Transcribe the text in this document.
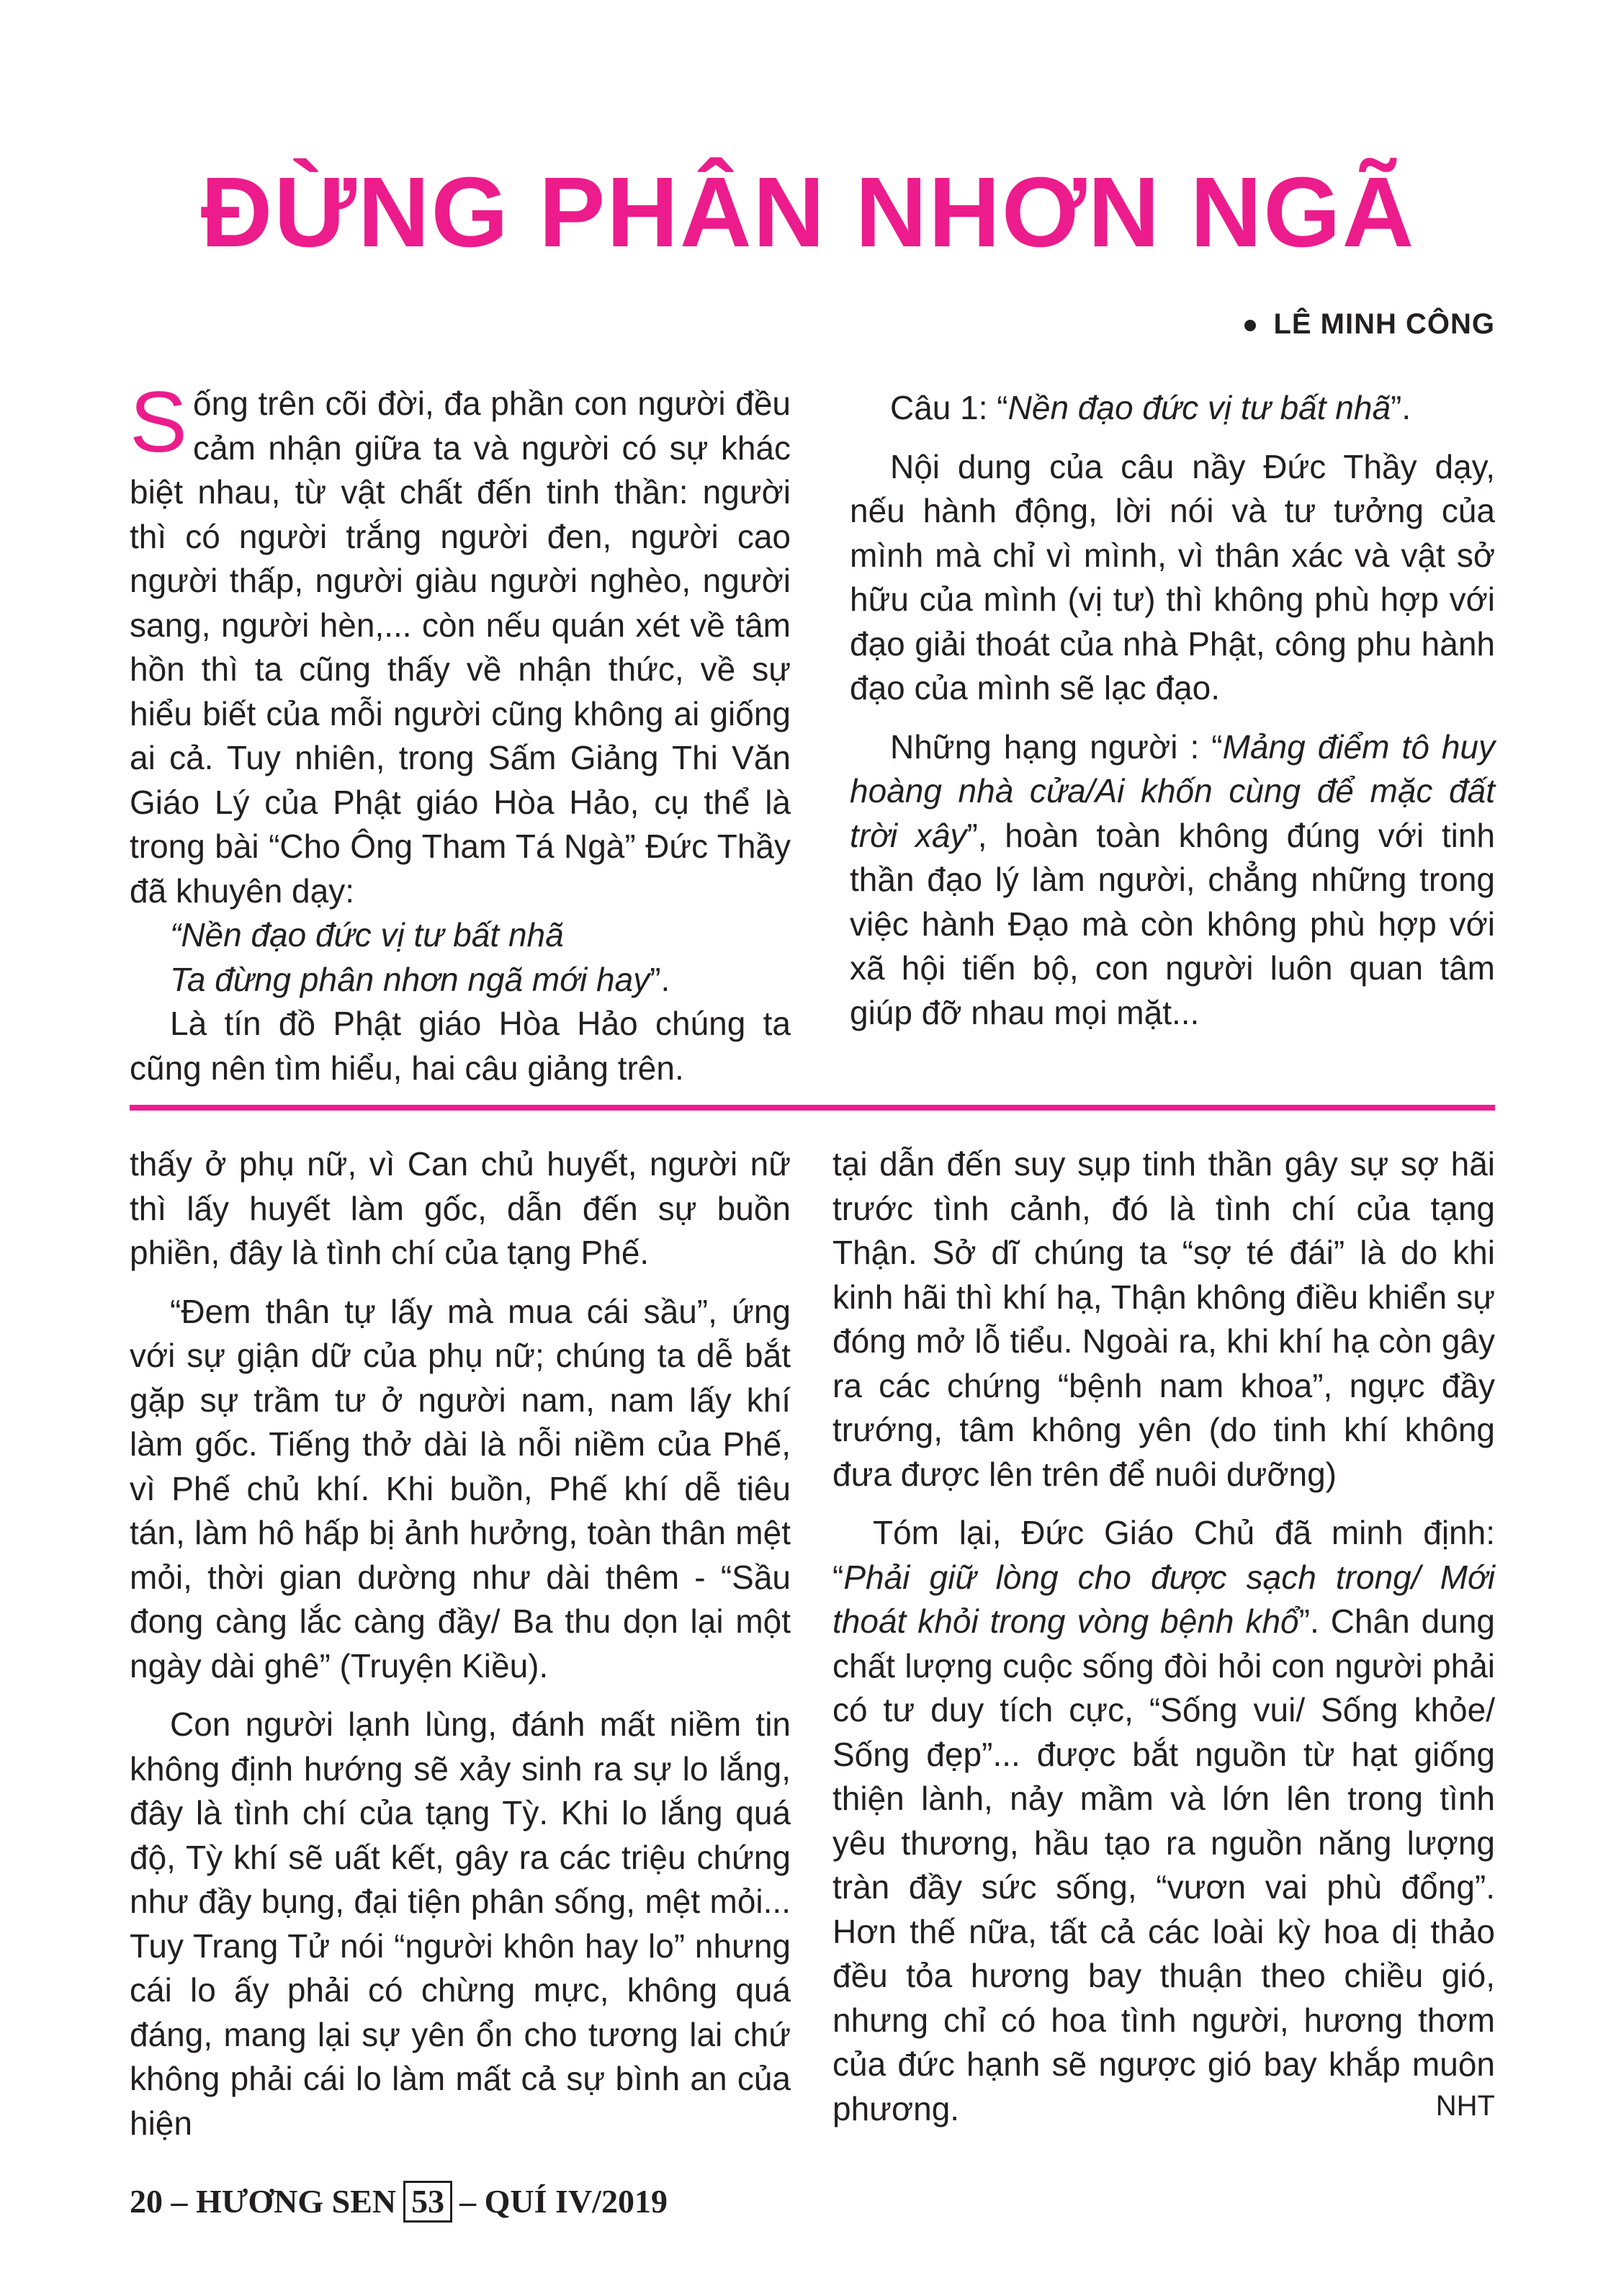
ĐỪNG PHÂN NHƠN NGÃ
LÊ MINH CÔNG

Sống trên cõi đời, đa phần con người đều cảm nhận giữa ta và người có sự khác biệt nhau, từ vật chất đến tinh thần: người thì có người trắng người đen, người cao người thấp, người giàu người nghèo, người sang, người hèn,... còn nếu quán xét về tâm hồn thì ta cũng thấy về nhận thức, về sự hiểu biết của mỗi người cũng không ai giống ai cả. Tuy nhiên, trong Sấm Giảng Thi Văn Giáo Lý của Phật giáo Hòa Hảo, cụ thể là trong bài “Cho Ông Tham Tá Ngà” Đức Thầy đã khuyên dạy:

“Nền đạo đức vị tư bất nhã

Ta đừng phân nhơn ngã mới hay”.

Là tín đồ Phật giáo Hòa Hảo chúng ta cũng nên tìm hiểu, hai câu giảng trên.

Câu 1: “Nền đạo đức vị tư bất nhã”.

Nội dung của câu nầy Đức Thầy dạy, nếu hành động, lời nói và tư tưởng của mình mà chỉ vì mình, vì thân xác và vật sở hữu của mình (vị tư) thì không phù hợp với đạo giải thoát của nhà Phật, công phu hành đạo của mình sẽ lạc đạo.

Những hạng người : “Mảng điểm tô huy hoàng nhà cửa/Ai khốn cùng để mặc đất trời xây”, hoàn toàn không đúng với tinh thần đạo lý làm người, chẳng những trong việc hành Đạo mà còn không phù hợp với xã hội tiến bộ, con người luôn quan tâm giúp đỡ nhau mọi mặt...

thấy ở phụ nữ, vì Can chủ huyết, người nữ thì lấy huyết làm gốc, dẫn đến sự buồn phiền, đây là tình chí của tạng Phế.

“Đem thân tự lấy mà mua cái sầu”, ứng với sự giận dữ của phụ nữ; chúng ta dễ bắt gặp sự trầm tư ở người nam, nam lấy khí làm gốc. Tiếng thở dài là nỗi niềm của Phế, vì Phế chủ khí. Khi buồn, Phế khí dễ tiêu tán, làm hô hấp bị ảnh hưởng, toàn thân mệt mỏi, thời gian dường như dài thêm - “Sầu đong càng lắc càng đầy/ Ba thu dọn lại một ngày dài ghê” (Truyện Kiều).

Con người lạnh lùng, đánh mất niềm tin không định hướng sẽ xảy sinh ra sự lo lắng, đây là tình chí của tạng Tỳ. Khi lo lắng quá độ, Tỳ khí sẽ uất kết, gây ra các triệu chứng như đầy bụng, đại tiện phân sống, mệt mỏi... Tuy Trang Tử nói “người khôn hay lo” nhưng cái lo ấy phải có chừng mực, không quá đáng, mang lại sự yên ổn cho tương lai chứ không phải cái lo làm mất cả sự bình an của hiện

tại dẫn đến suy sụp tinh thần gây sự sợ hãi trước tình cảnh, đó là tình chí của tạng Thận. Sở dĩ chúng ta “sợ té đái” là do khi kinh hãi thì khí hạ, Thận không điều khiển sự đóng mở lỗ tiểu. Ngoài ra, khi khí hạ còn gây ra các chứng “bệnh nam khoa”, ngực đầy trướng, tâm không yên (do tinh khí không đưa được lên trên để nuôi dưỡng)

Tóm lại, Đức Giáo Chủ đã minh định: “Phải giữ lòng cho được sạch trong/ Mới thoát khỏi trong vòng bệnh khổ”. Chân dung chất lượng cuộc sống đòi hỏi con người phải có tư duy tích cực, “Sống vui/ Sống khỏe/ Sống đẹp”... được bắt nguồn từ hạt giống thiện lành, nảy mầm và lớn lên trong tình yêu thương, hầu tạo ra nguồn năng lượng tràn đầy sức sống, “vươn vai phù đổng”. Hơn thế nữa, tất cả các loài kỳ hoa dị thảo đều tỏa hương bay thuận theo chiều gió, nhưng chỉ có hoa tình người, hương thơm của đức hạnh sẽ ngược gió bay khắp muôn phương.	NHT
20 – HƯƠNG SEN 53 – QUÍ IV/2019
